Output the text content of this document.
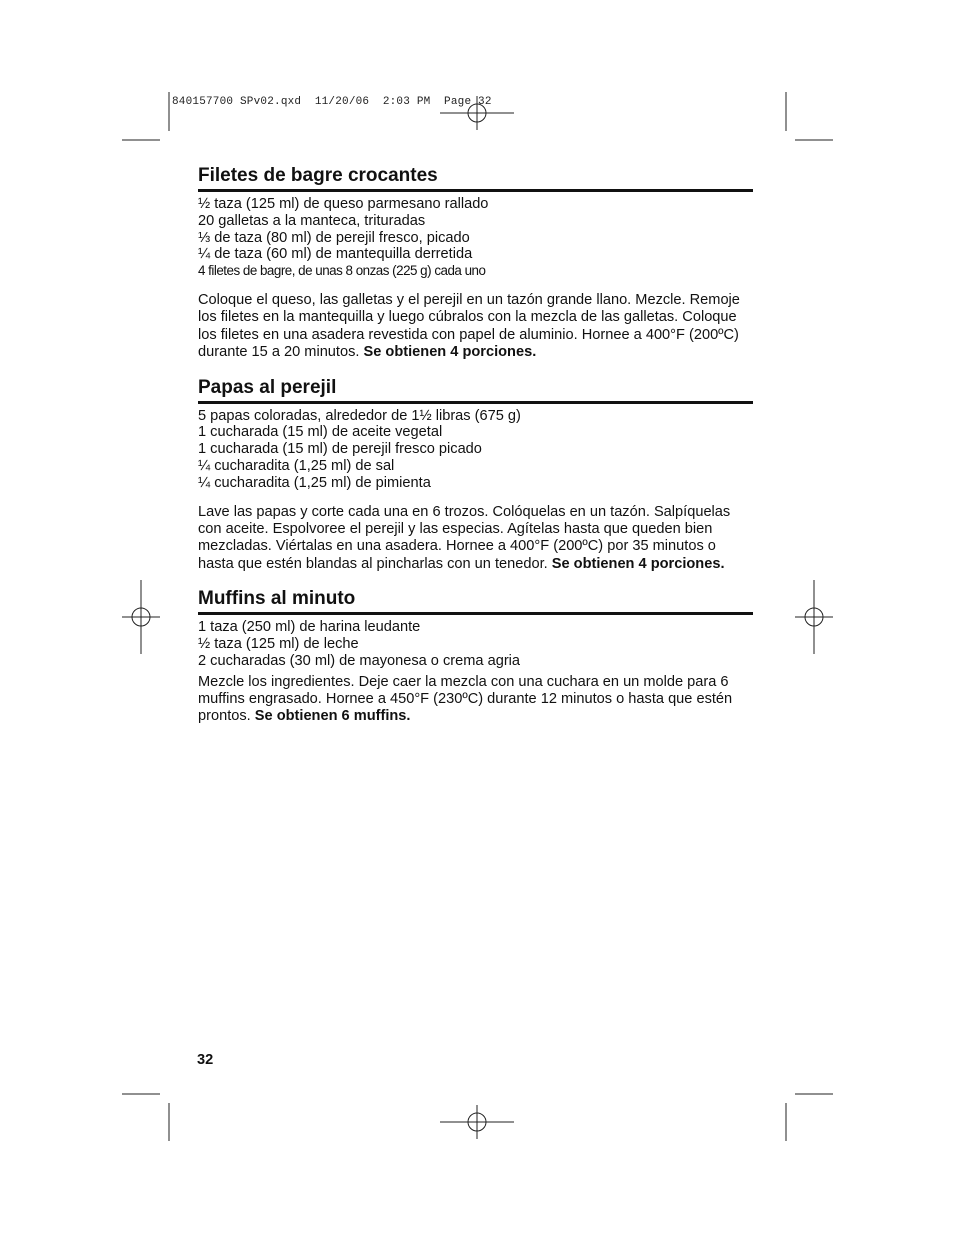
840157700 SPv02.qxd  11/20/06  2:03 PM  Page 32
Filetes de bagre crocantes
½ taza (125 ml) de queso parmesano rallado
20 galletas a la manteca, trituradas
⅓ de taza (80 ml) de perejil fresco, picado
¼ de taza (60 ml) de mantequilla derretida
4 filetes de bagre, de unas 8 onzas (225 g) cada uno

Coloque el queso, las galletas y el perejil en un tazón grande llano. Mezcle. Remoje los filetes en la mantequilla y luego cúbralos con la mezcla de las galletas. Coloque los filetes en una asadera revestida con papel de aluminio. Hornee a 400°F (200ºC) durante 15 a 20 minutos. Se obtienen 4 porciones.

Papas al perejil
5 papas coloradas, alrededor de 1½ libras (675 g)
1 cucharada (15 ml) de aceite vegetal
1 cucharada (15 ml) de perejil fresco picado
¼ cucharadita (1,25 ml) de sal
¼ cucharadita (1,25 ml) de pimienta

Lave las papas y corte cada una en 6 trozos. Colóquelas en un tazón. Salpíquelas con aceite. Espolvoree el perejil y las especias. Agítelas hasta que queden bien mezcladas. Viértalas en una asadera. Hornee a 400°F (200ºC) por 35 minutos o hasta que estén blandas al pincharlas con un tenedor. Se obtienen 4 porciones.

Muffins al minuto
1 taza (250 ml) de harina leudante
½ taza (125 ml) de leche
2 cucharadas (30 ml) de mayonesa o crema agria

Mezcle los ingredientes. Deje caer la mezcla con una cuchara en un molde para 6 muffins engrasado. Hornee a 450°F (230ºC) durante 12 minutos o hasta que estén prontos. Se obtienen 6 muffins.

32
